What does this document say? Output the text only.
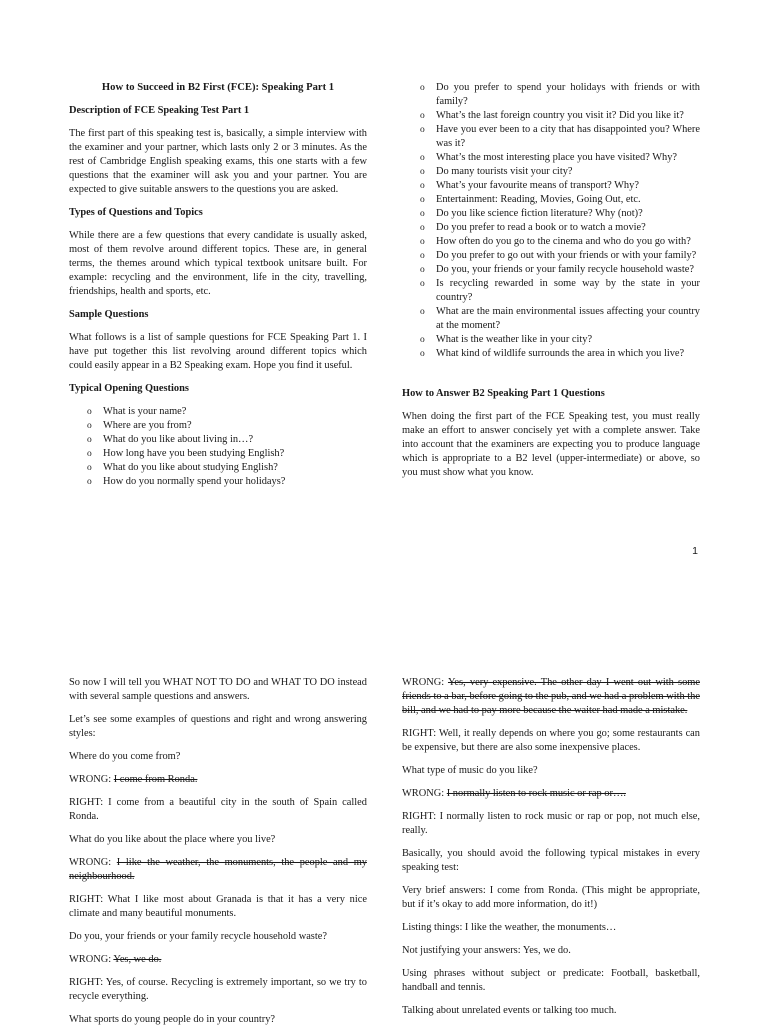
How to Succeed in B2 First (FCE): Speaking Part 1
Description of FCE Speaking Test Part 1

The first part of this speaking test is, basically, a simple interview with the examiner and your partner, which lasts only 2 or 3 minutes. As the rest of Cambridge English speaking exams, this one starts with a few questions that the examiner will ask you and your partner. You are expected to give suitable answers to the questions you are asked.

Types of Questions and Topics

While there are a few questions that every candidate is usually asked, most of them revolve around different topics. These are, in general terms, the themes around which typical textbook unitsare built. For example: recycling and the environment, life in the city, travelling, friendships, health and sports, etc.

Sample Questions

What follows is a list of sample questions for FCE Speaking Part 1. I have put together this list revolving around different topics which could easily appear in a B2 Speaking exam. Hope you find it useful.

Typical Opening Questions
o What is your name?
o Where are you from?
o What do you like about living in…?
o How long have you been studying English?
o What do you like about studying English?
o How do you normally spend your holidays?
o Do you prefer to spend your holidays with friends or with family?
o What’s the last foreign country you visit it? Did you like it?
o Have you ever been to a city that has disappointed you? Where was it?
o What’s the most interesting place you have visited? Why?
o Do many tourists visit your city?
o What’s your favourite means of transport? Why?
o Entertainment: Reading, Movies, Going Out, etc.
o Do you like science fiction literature? Why (not)?
o Do you prefer to read a book or to watch a movie?
o How often do you go to the cinema and who do you go with?
o Do you prefer to go out with your friends or with your family?
o Do you, your friends or your family recycle household waste?
o Is recycling rewarded in some way by the state in your country?
o What are the main environmental issues affecting your country at the moment?
o What is the weather like in your city?
o What kind of wildlife surrounds the area in which you live?
How to Answer B2 Speaking Part 1 Questions

When doing the first part of the FCE Speaking test, you must really make an effort to answer concisely yet with a complete answer. Take into account that the examiners are expecting you to produce language which is appropriate to a B2 level (upper-intermediate) or above, so you must show what you know.

1

So now I will tell you WHAT NOT TO DO and WHAT TO DO instead with several sample questions and answers.

Let’s see some examples of questions and right and wrong answering styles:

Where do you come from?

WRONG: I come from Ronda.

RIGHT: I come from a beautiful city in the south of Spain called Ronda.

What do you like about the place where you live?

WRONG: I like the weather, the monuments, the people and my neighbourhood.

RIGHT: What I like most about Granada is that it has a very nice climate and many beautiful monuments.

Do you, your friends or your family recycle household waste?

WRONG: Yes, we do.

RIGHT: Yes, of course. Recycling is extremely important, so we try to recycle everything.

What sports do young people do in your country?

WRONG: Yes, very expensive. The other day I went out with some friends to a bar, before going to the pub, and we had a problem with the bill, and we had to pay more because the waiter had made a mistake.

RIGHT: Well, it really depends on where you go; some restaurants can be expensive, but there are also some inexpensive places.

What type of music do you like?

WRONG: I normally listen to rock music or rap or….

RIGHT: I normally listen to rock music or rap or pop, not much else, really.

Basically, you should avoid the following typical mistakes in every speaking test:

Very brief answers: I come from Ronda. (This might be appropriate, but if it’s okay to add more information, do it!)

Listing things: I like the weather, the monuments…

Not justifying your answers: Yes, we do.

Using phrases without subject or predicate: Football, basketball, handball and tennis.

Talking about unrelated events or talking too much.
